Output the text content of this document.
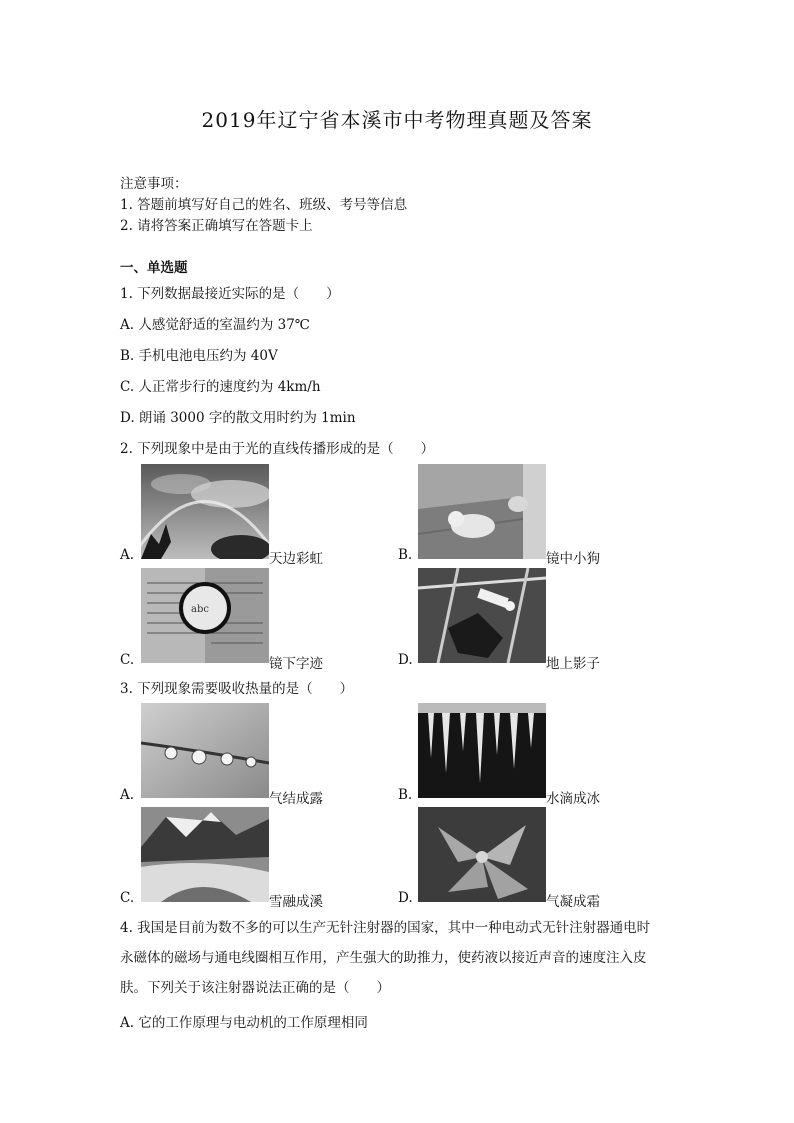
2019年辽宁省本溪市中考物理真题及答案
注意事项：
1. 答题前填写好自己的姓名、班级、考号等信息
2. 请将答案正确填写在答题卡上
一、单选题
1. 下列数据最接近实际的是（　　）
A. 人感觉舒适的室温约为 37℃
B. 手机电池电压约为 40V
C. 人正常步行的速度约为 4km/h
D. 朗诵 3000 字的散文用时约为 1min
2. 下列现象中是由于光的直线传播形成的是（　　）
A.	天边彩虹	B.	镜中小狗
abc
C.	镜下字迹	D.	地上影子
3. 下列现象需要吸收热量的是（　　）
A.	气结成露	B.	水滴成冰
C.	雪融成溪	D.	气凝成霜
4. 我国是目前为数不多的可以生产无针注射器的国家，其中一种电动式无针注射器通电时
永磁体的磁场与通电线圈相互作用，产生强大的助推力，使药液以接近声音的速度注入皮
肤。下列关于该注射器说法正确的是（　　）
A. 它的工作原理与电动机的工作原理相同
